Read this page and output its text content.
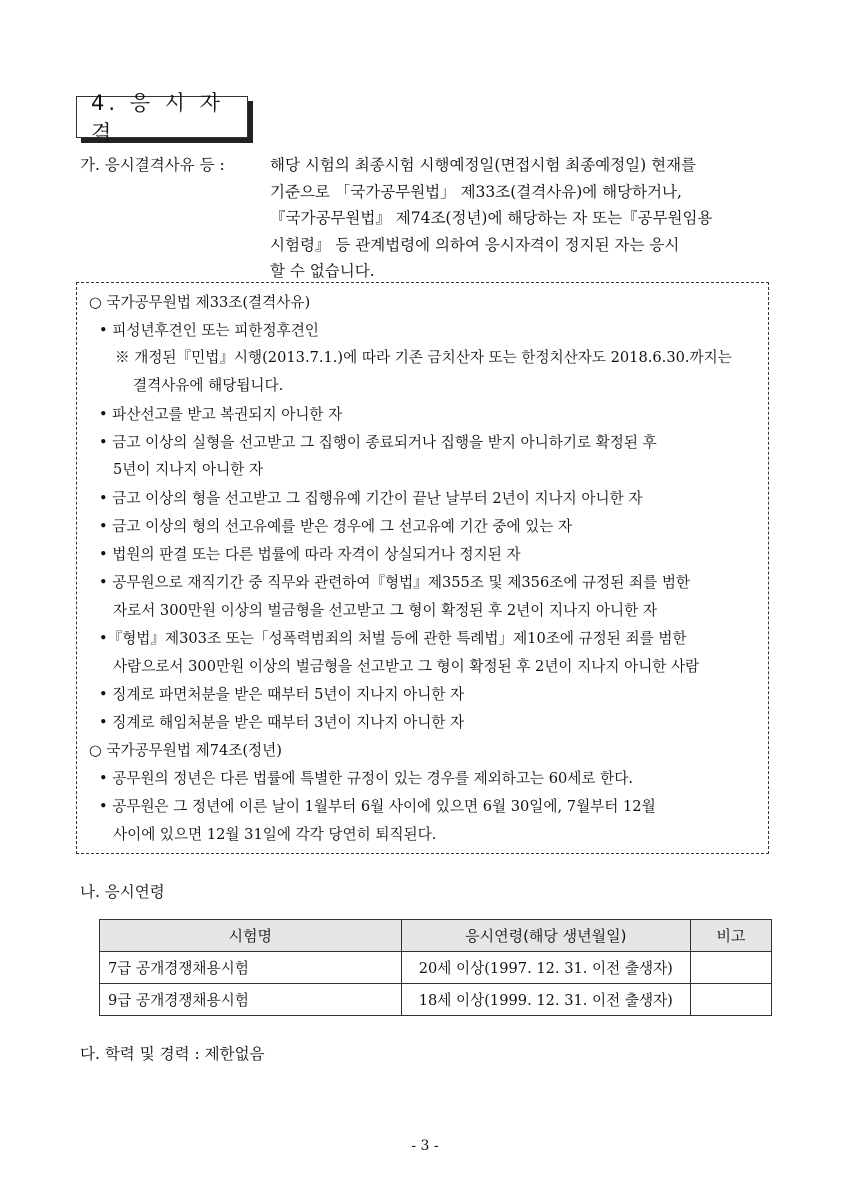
4. 응 시 자 격
가. 응시결격사유 등 :	해당 시험의 최종시험 시행예정일(면접시험 최종예정일) 현재를
기준으로 「국가공무원법」 제33조(결격사유)에 해당하거나,
『국가공무원법』 제74조(정년)에 해당하는 자 또는『공무원임용
시험령』 등 관계법령에 의하여 응시자격이 정지된 자는 응시
할 수 없습니다.
○ 국가공무원법 제33조(결격사유)
• 피성년후견인 또는 피한정후견인
※ 개정된『민법』시행(2013.7.1.)에 따라 기존 금치산자 또는 한정치산자도 2018.6.30.까지는
결격사유에 해당됩니다.
• 파산선고를 받고 복권되지 아니한 자
• 금고 이상의 실형을 선고받고 그 집행이 종료되거나 집행을 받지 아니하기로 확정된 후
5년이 지나지 아니한 자
• 금고 이상의 형을 선고받고 그 집행유예 기간이 끝난 날부터 2년이 지나지 아니한 자
• 금고 이상의 형의 선고유예를 받은 경우에 그 선고유예 기간 중에 있는 자
• 법원의 판결 또는 다른 법률에 따라 자격이 상실되거나 정지된 자
• 공무원으로 재직기간 중 직무와 관련하여『형법』제355조 및 제356조에 규정된 죄를 범한
자로서 300만원 이상의 벌금형을 선고받고 그 형이 확정된 후 2년이 지나지 아니한 자
•『형법』제303조 또는「성폭력범죄의 처벌 등에 관한 특례법」제10조에 규정된 죄를 범한
사람으로서 300만원 이상의 벌금형을 선고받고 그 형이 확정된 후 2년이 지나지 아니한 사람
• 징계로 파면처분을 받은 때부터 5년이 지나지 아니한 자
• 징계로 해임처분을 받은 때부터 3년이 지나지 아니한 자
○ 국가공무원법 제74조(정년)
• 공무원의 정년은 다른 법률에 특별한 규정이 있는 경우를 제외하고는 60세로 한다.
• 공무원은 그 정년에 이른 날이 1월부터 6월 사이에 있으면 6월 30일에, 7월부터 12월
사이에 있으면 12월 31일에 각각 당연히 퇴직된다.
나. 응시연령
시험명	응시연령(해당 생년월일)	비고
7급 공개경쟁채용시험	20세 이상(1997. 12. 31. 이전 출생자)	
9급 공개경쟁채용시험	18세 이상(1999. 12. 31. 이전 출생자)	
다. 학력 및 경력 : 제한없음
- 3 -
